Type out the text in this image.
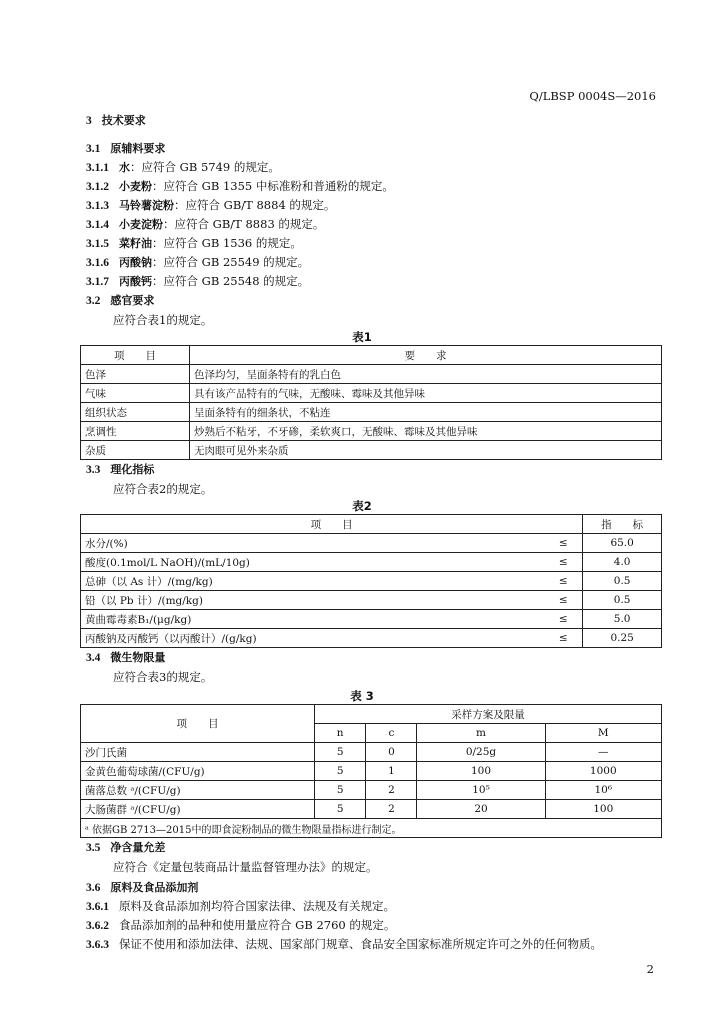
Q/LBSP 0004S—2016
3 技术要求
3.1 原辅料要求
3.1.1 水：应符合 GB 5749 的规定。
3.1.2 小麦粉：应符合 GB 1355 中标准粉和普通粉的规定。
3.1.3 马铃薯淀粉：应符合 GB/T 8884 的规定。
3.1.4 小麦淀粉：应符合 GB/T 8883 的规定。
3.1.5 菜籽油：应符合 GB 1536 的规定。
3.1.6 丙酸钠：应符合 GB 25549 的规定。
3.1.7 丙酸钙：应符合 GB 25548 的规定。
3.2 感官要求
应符合表1的规定。
表1
项　　目	要　　求
色泽	色泽均匀，呈面条特有的乳白色
气味	具有该产品特有的气味，无酸味、霉味及其他异味
组织状态	呈面条特有的细条状，不粘连
烹调性	炒熟后不粘牙，不牙碜，柔软爽口，无酸味、霉味及其他异味
杂质	无肉眼可见外来杂质
3.3 理化指标
应符合表2的规定。
表2
项　　目		指　　标
水分/(%)	≤	65.0
酸度(0.1mol/L NaOH)/(mL/10g)	≤	4.0
总砷（以 As 计）/(mg/kg)	≤	0.5
铅（以 Pb 计）/(mg/kg)	≤	0.5
黄曲霉毒素B₁/(μg/kg)	≤	5.0
丙酸钠及丙酸钙（以丙酸计）/(g/kg)	≤	0.25
3.4 微生物限量
应符合表3的规定。
表 3
项　　目	采样方案及限量			
	n	c	m	M
沙门氏菌	5	0	0/25g	—
金黄色葡萄球菌/(CFU/g)	5	1	100	1000
菌落总数 ᵃ/(CFU/g)	5	2	10⁵	10⁶
大肠菌群 ᵃ/(CFU/g)	5	2	20	100
ᵃ 依据GB 2713—2015中的即食淀粉制品的微生物限量指标进行制定。				
3.5 净含量允差
应符合《定量包装商品计量监督管理办法》的规定。
3.6 原料及食品添加剂
3.6.1 原料及食品添加剂均符合国家法律、法规及有关规定。
3.6.2 食品添加剂的品种和使用量应符合 GB 2760 的规定。
3.6.3 保证不使用和添加法律、法规、国家部门规章、食品安全国家标准所规定许可之外的任何物质。
2
